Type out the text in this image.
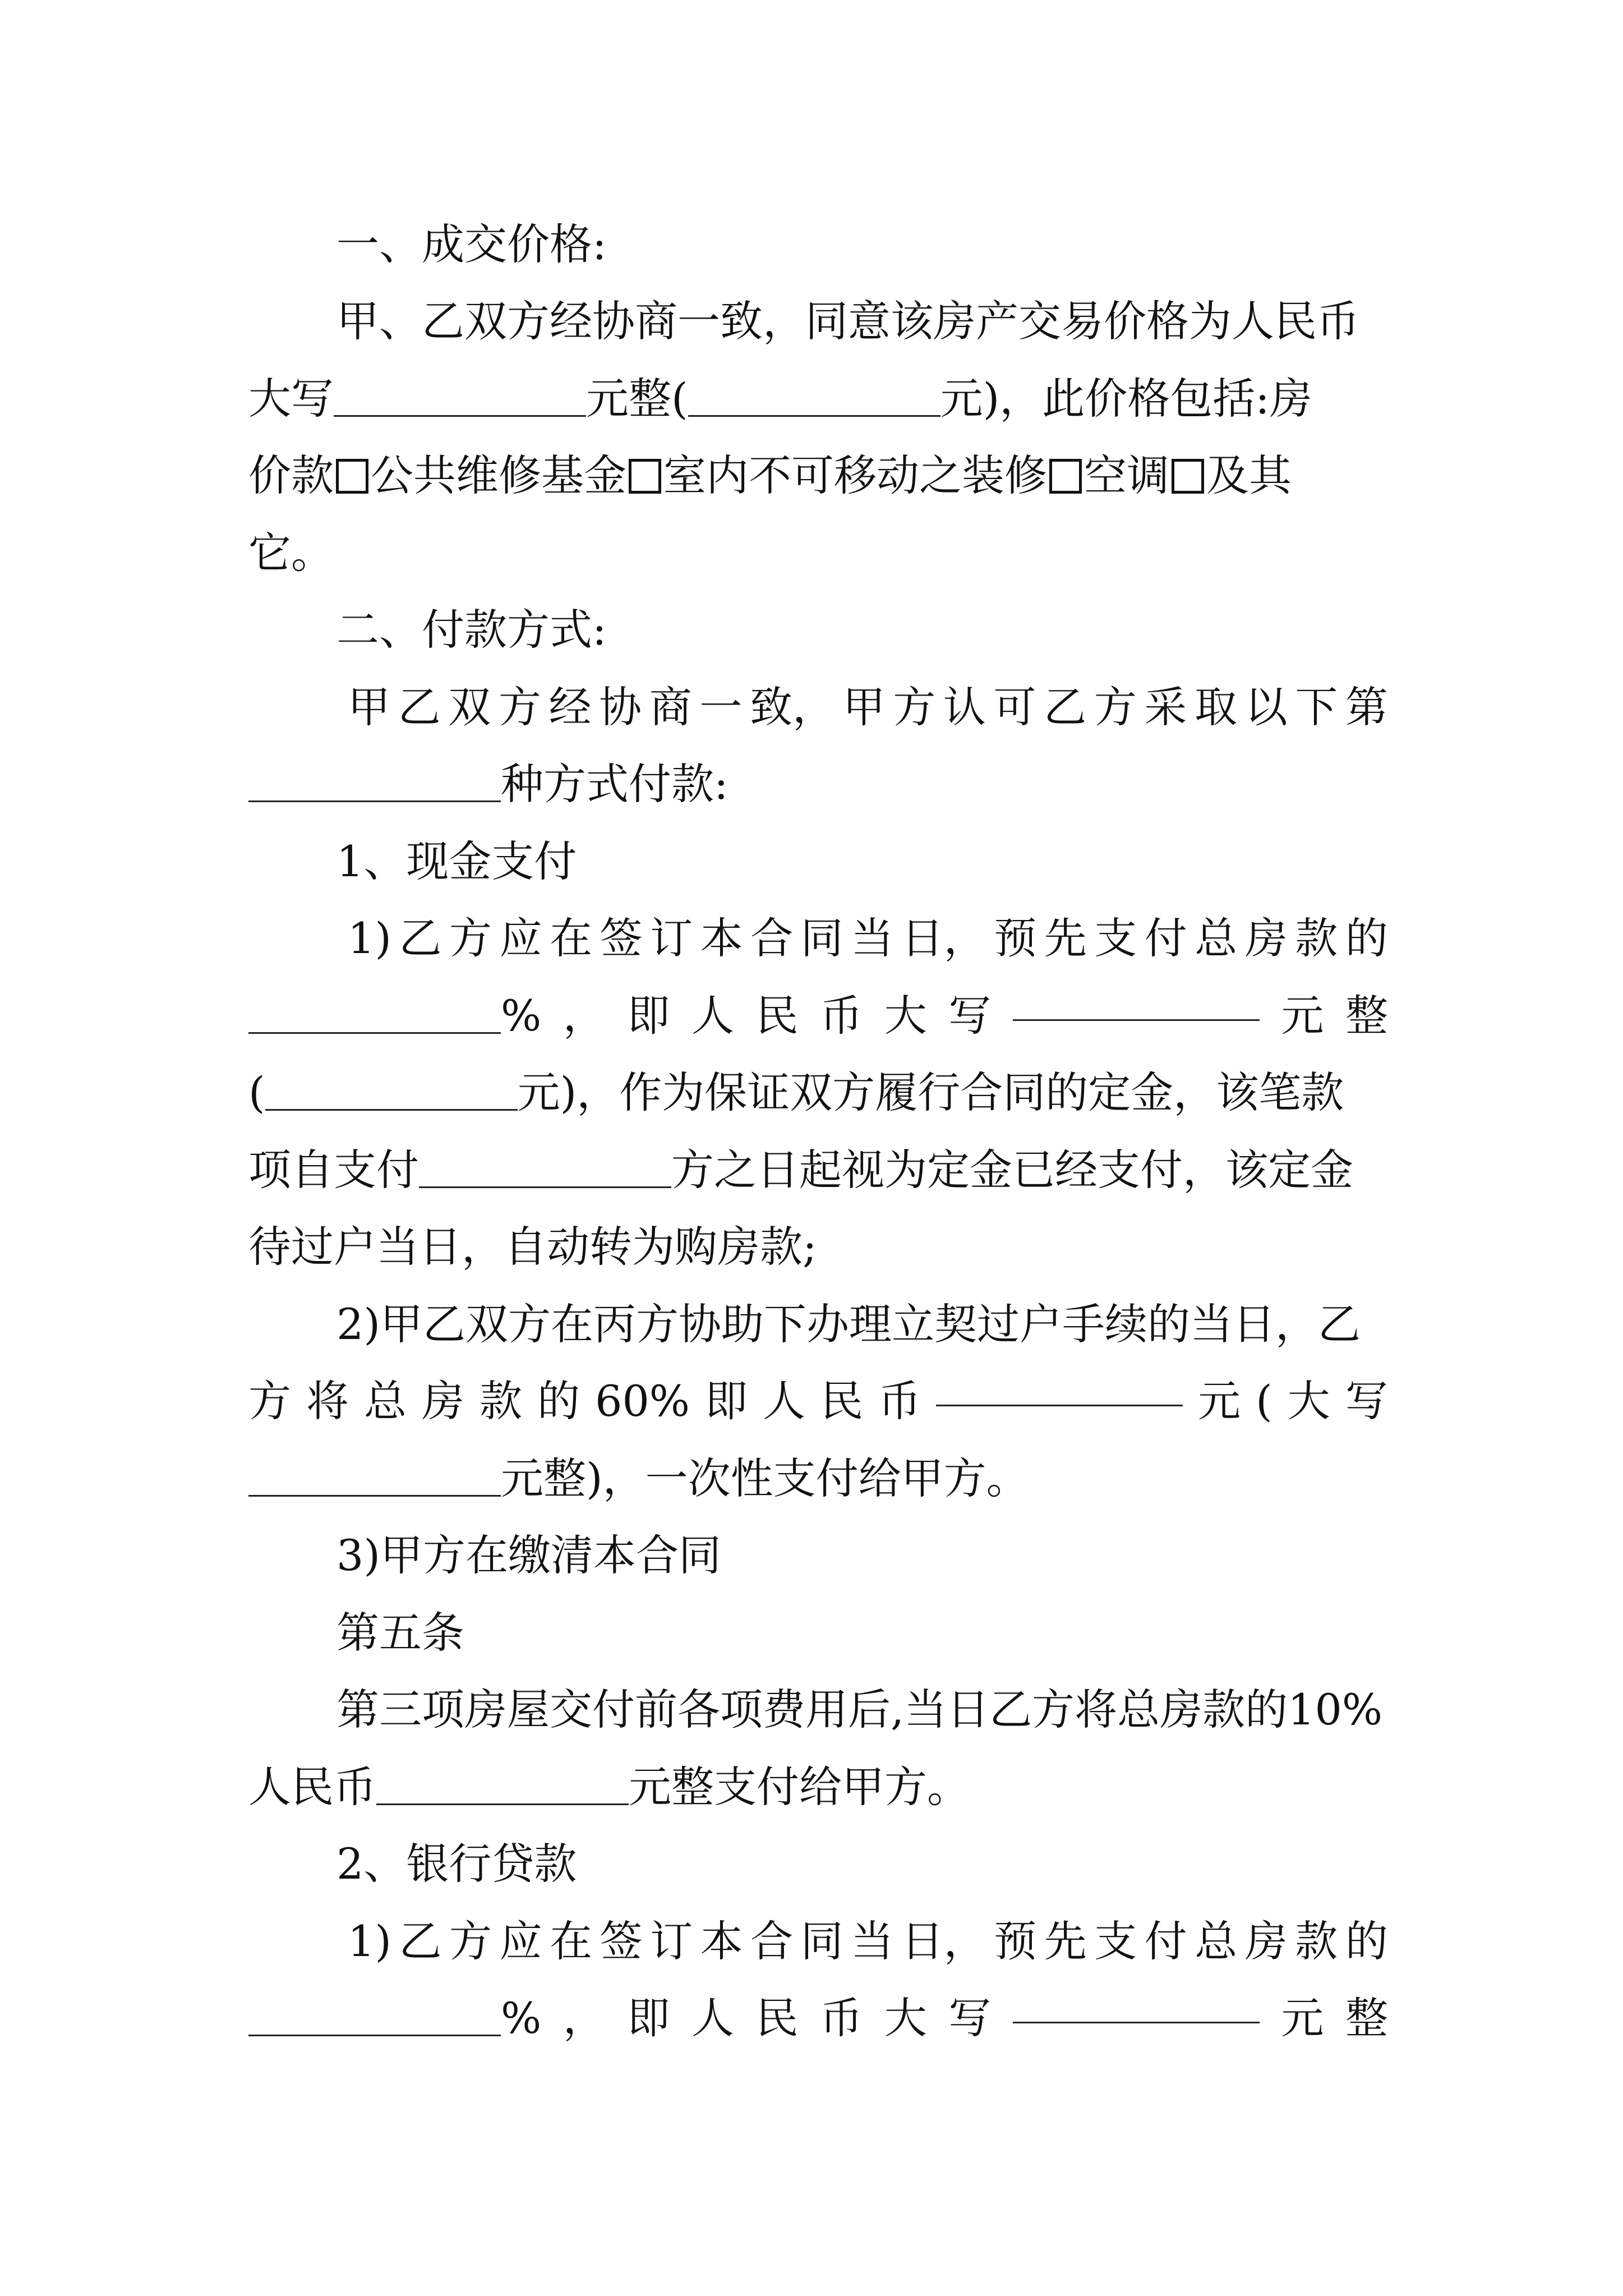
一、成交价格:
甲、乙双方经协商一致，同意该房产交易价格为人民币
大写	元整(	元)，此价格包括:房
价款 公共维修基金 室内不可移动之装修 空调 及其
它。
二、付款方式:
甲 乙 双 方 经 协 商 一 致， 甲 方 认 可 乙 方 采 取 以 下 第
种方式付款:
1、现金支付
1) 乙 方 应 在 签 订 本 合 同 当 日， 预 先 支 付 总 房 款 的
% ， 即 人 民 币 大 写	元 整
(	元)，作为保证双方履行合同的定金，该笔款
项自支付	方之日起视为定金已经支付，该定金
待过户当日，自动转为购房款;
2)甲乙双方在丙方协助下办理立契过户手续的当日，乙
方 将 总 房 款 的 60% 即 人 民 币	元 ( 大 写
元整)，一次性支付给甲方。
3)甲方在缴清本合同
第五条
第三项房屋交付前各项费用后,当日乙方将总房款的10%
人民币	元整支付给甲方。
2、银行贷款
1) 乙 方 应 在 签 订 本 合 同 当 日， 预 先 支 付 总 房 款 的
% ， 即 人 民 币 大 写	元 整
